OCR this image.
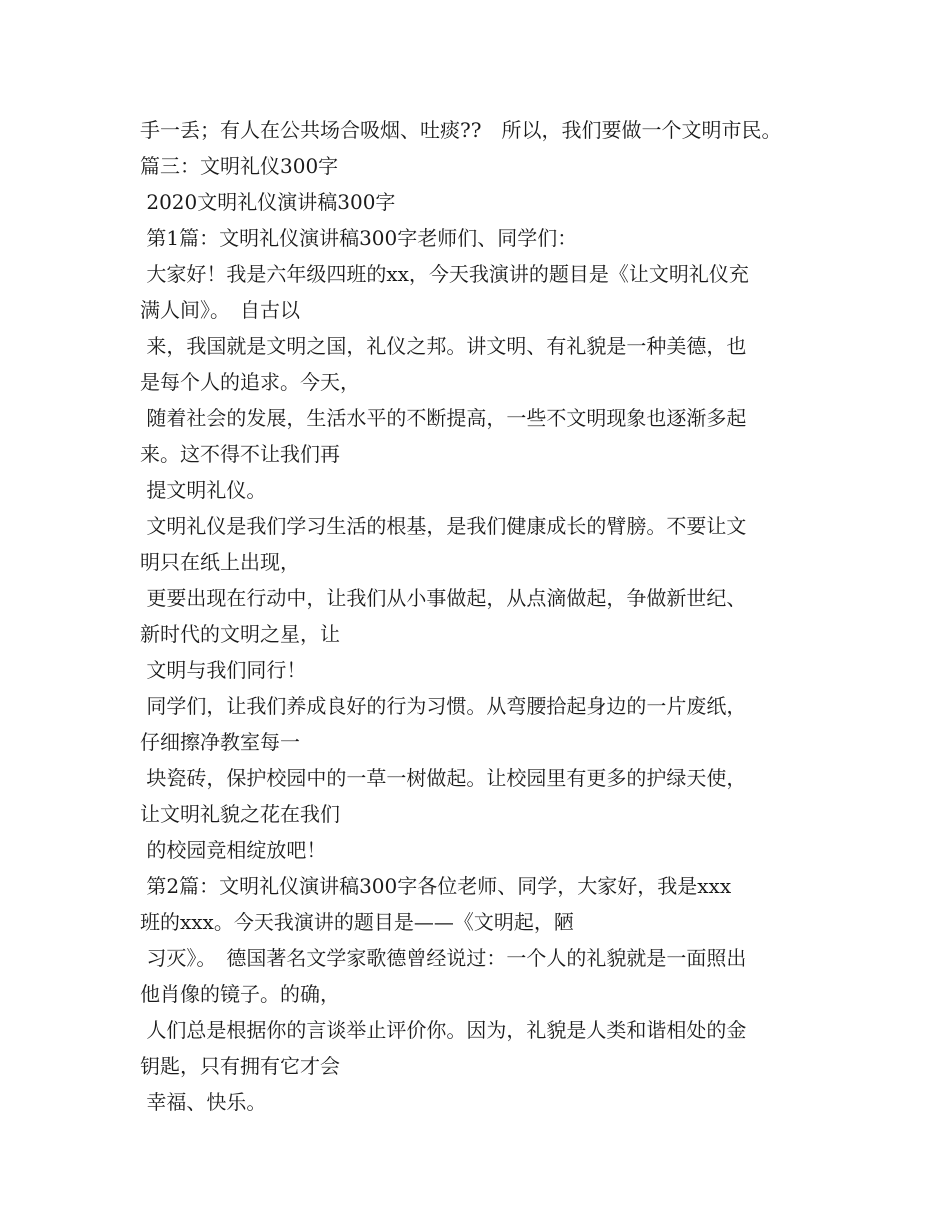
手一丢；有人在公共场合吸烟、吐痰??　所以，我们要做一个文明市民。
篇三：文明礼仪300字
2020文明礼仪演讲稿300字
第1篇：文明礼仪演讲稿300字老师们、同学们：
大家好！我是六年级四班的xx，今天我演讲的题目是《让文明礼仪充
满人间》。　自古以
来，我国就是文明之国，礼仪之邦。讲文明、有礼貌是一种美德，也
是每个人的追求。今天，
随着社会的发展，生活水平的不断提高，一些不文明现象也逐渐多起
来。这不得不让我们再
提文明礼仪。
文明礼仪是我们学习生活的根基，是我们健康成长的臂膀。不要让文
明只在纸上出现，
更要出现在行动中，让我们从小事做起，从点滴做起，争做新世纪、
新时代的文明之星，让
文明与我们同行！
同学们，让我们养成良好的行为习惯。从弯腰拾起身边的一片废纸，
仔细擦净教室每一
块瓷砖，保护校园中的一草一树做起。让校园里有更多的护绿天使，
让文明礼貌之花在我们
的校园竞相绽放吧！
第2篇：文明礼仪演讲稿300字各位老师、同学，大家好，我是xxx
班的xxx。今天我演讲的题目是——《文明起，陋
习灭》。　德国著名文学家歌德曾经说过：一个人的礼貌就是一面照出
他肖像的镜子。的确，
人们总是根据你的言谈举止评价你。因为，礼貌是人类和谐相处的金
钥匙，只有拥有它才会
幸福、快乐。
